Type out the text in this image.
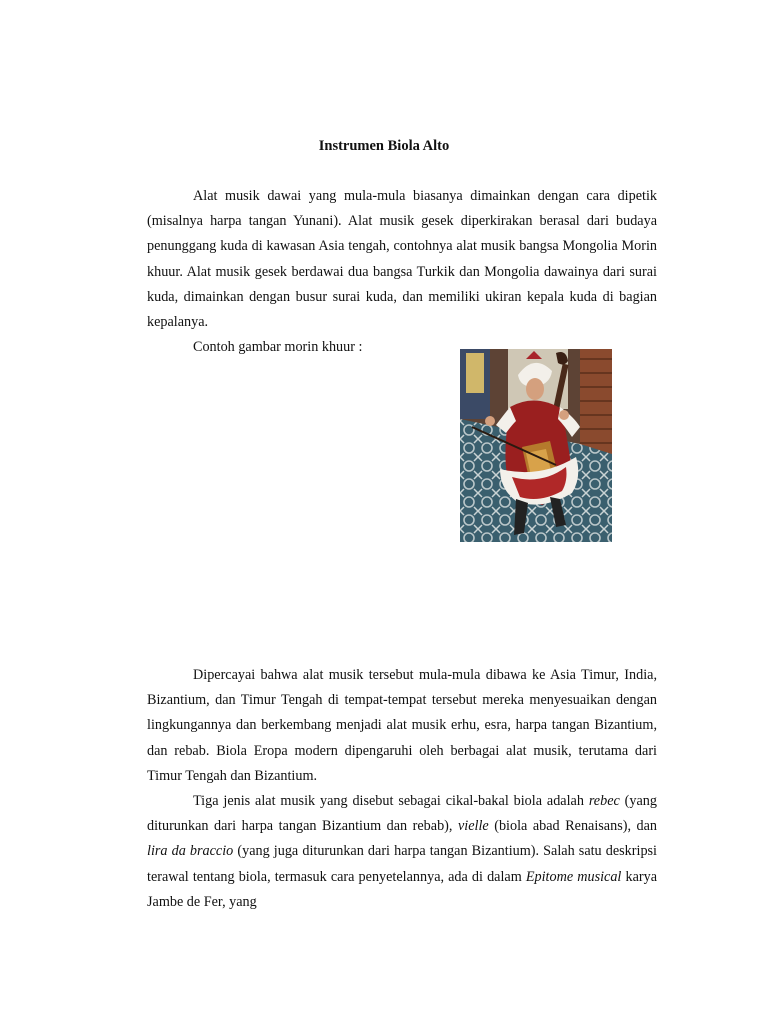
Instrumen Biola Alto

Alat musik dawai yang mula-mula biasanya dimainkan dengan cara dipetik (misalnya harpa tangan Yunani). Alat musik gesek diperkirakan berasal dari budaya penunggang kuda di kawasan Asia tengah, contohnya alat musik bangsa Mongolia Morin khuur. Alat musik gesek berdawai dua bangsa Turkik dan Mongolia dawainya dari surai kuda, dimainkan dengan busur surai kuda, dan memiliki ukiran kepala kuda di bagian kepalanya.

Contoh gambar morin khuur :

Dipercayai bahwa alat musik tersebut mula-mula dibawa ke Asia Timur, India, Bizantium, dan Timur Tengah di tempat-tempat tersebut mereka menyesuaikan dengan lingkungannya dan berkembang menjadi alat musik erhu, esra, harpa tangan Bizantium, dan rebab. Biola Eropa modern dipengaruhi oleh berbagai alat musik, terutama dari Timur Tengah dan Bizantium.

Tiga jenis alat musik yang disebut sebagai cikal-bakal biola adalah rebec (yang diturunkan dari harpa tangan Bizantium dan rebab), vielle (biola abad Renaisans), dan lira da braccio (yang juga diturunkan dari harpa tangan Bizantium). Salah satu deskripsi terawal tentang biola, termasuk cara penyetelannya, ada di dalam Epitome musical karya Jambe de Fer, yang
